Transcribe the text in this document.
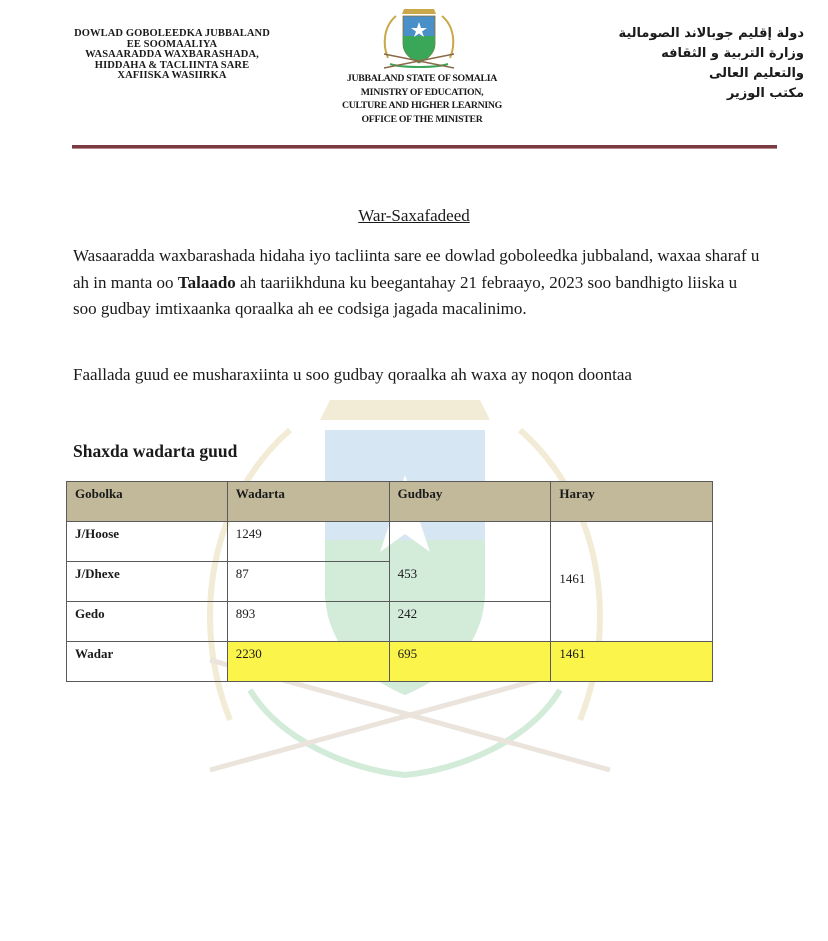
DOWLAD GOBOLEEDKA JUBBALAND
EE SOOMAALIYA
WASAARADDA WAXBARASHADA,
HIDDAHA & TACLIINTA SARE
XAFIISKA WASIIRKA	JUBBALAND STATE OF SOMALIA
MINISTRY OF EDUCATION,
CULTURE AND HIGHER LEARNING
OFFICE OF THE MINISTER
دولة إقليم جوبالاند الصومالية
وزارة التربية و الثقافه
والتعليم العالى
مكتب الوزير
War-Saxafadeed

Wasaaradda waxbarashada hidaha iyo tacliinta sare ee dowlad goboleedka jubbaland, waxaa sharaf u ah in manta oo Talaado ah taariikhduna ku beegantahay 21 febraayo, 2023 soo bandhigto liiska u soo gudbay imtixaanka qoraalka ah ee codsiga jagada macalinimo.

Faallada guud ee musharaxiinta u soo gudbay qoraalka ah waxa ay noqon doontaa

Shaxda wadarta guud
Gobolka	Wadarta	Gudbay	Haray
J/Hoose	1249		1461
J/Dhexe	87	453	
Gedo	893	242	
Wadar	2230	695	1461
